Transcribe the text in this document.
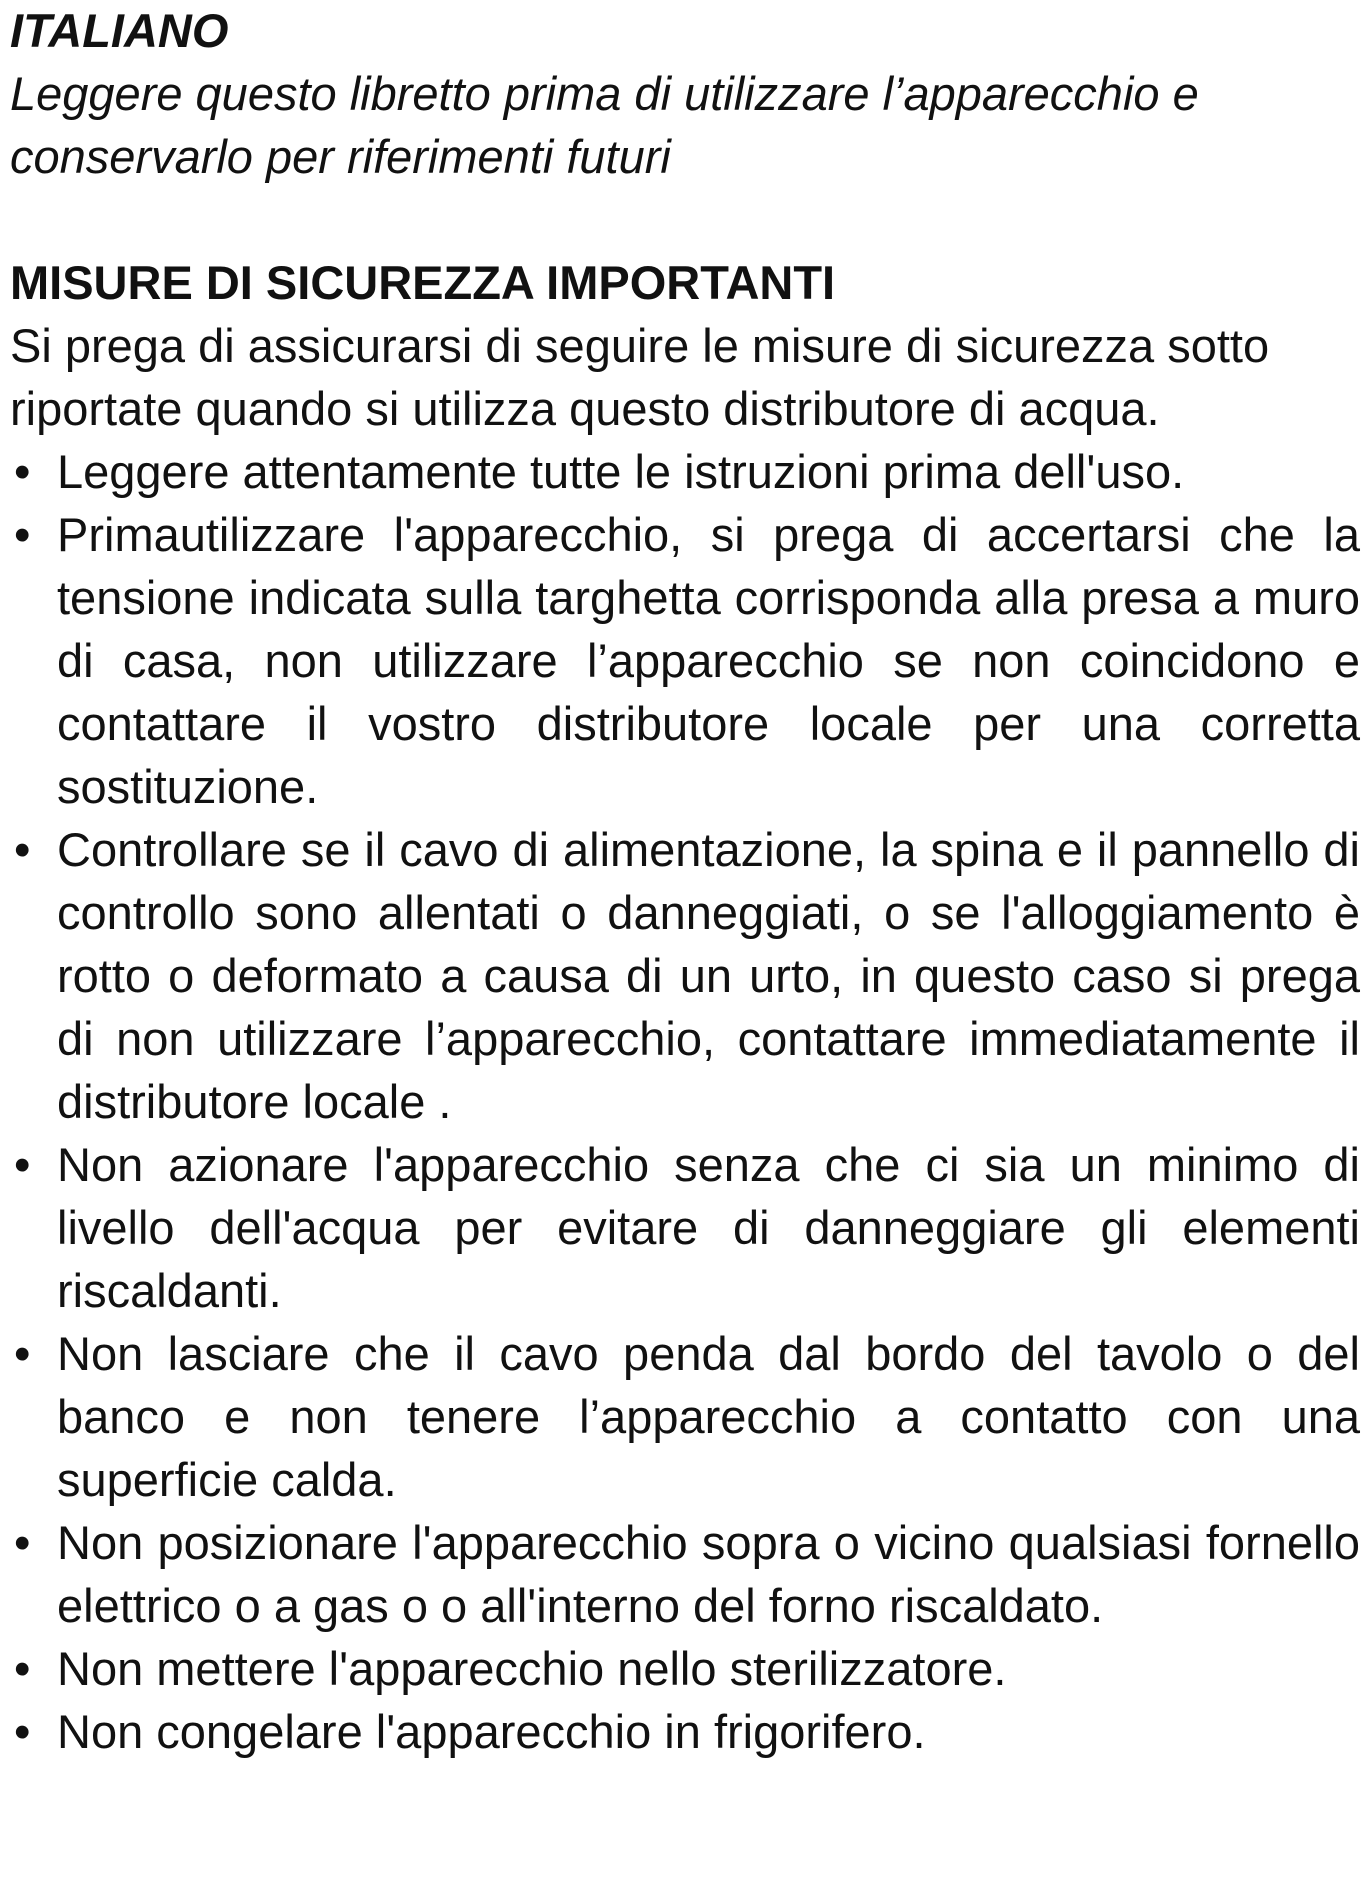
ITALIANO

Leggere questo libretto prima di utilizzare l’apparecchio e conservarlo per riferimenti futuri

MISURE DI SICUREZZA IMPORTANTI

Si prega di assicurarsi di seguire le misure di sicurezza sotto riportate quando si utilizza questo distributore di acqua.

• Leggere attentamente tutte le istruzioni prima dell'uso.
• Primautilizzare l'apparecchio, si prega di accertarsi che la tensione indicata sulla targhetta corrisponda alla presa a muro di casa, non utilizzare l’apparecchio se non coincidono e contattare il vostro distributore locale per una corretta sostituzione.
• Controllare se il cavo di alimentazione, la spina e il pannello di controllo sono allentati o danneggiati, o se l'alloggiamento è rotto o deformato a causa di un urto, in questo caso si prega di non utilizzare l’apparecchio, contattare immediatamente il distributore locale .
• Non azionare l'apparecchio senza che ci sia un minimo di livello dell'acqua per evitare di danneggiare gli elementi riscaldanti.
• Non lasciare che il cavo penda dal bordo del tavolo o del banco e non tenere l’apparecchio a contatto con una superficie calda.
• Non posizionare l'apparecchio sopra o vicino qualsiasi fornello elettrico o a gas o o all'interno del forno riscaldato.
• Non mettere l'apparecchio nello sterilizzatore.
• Non congelare l'apparecchio in frigorifero.
